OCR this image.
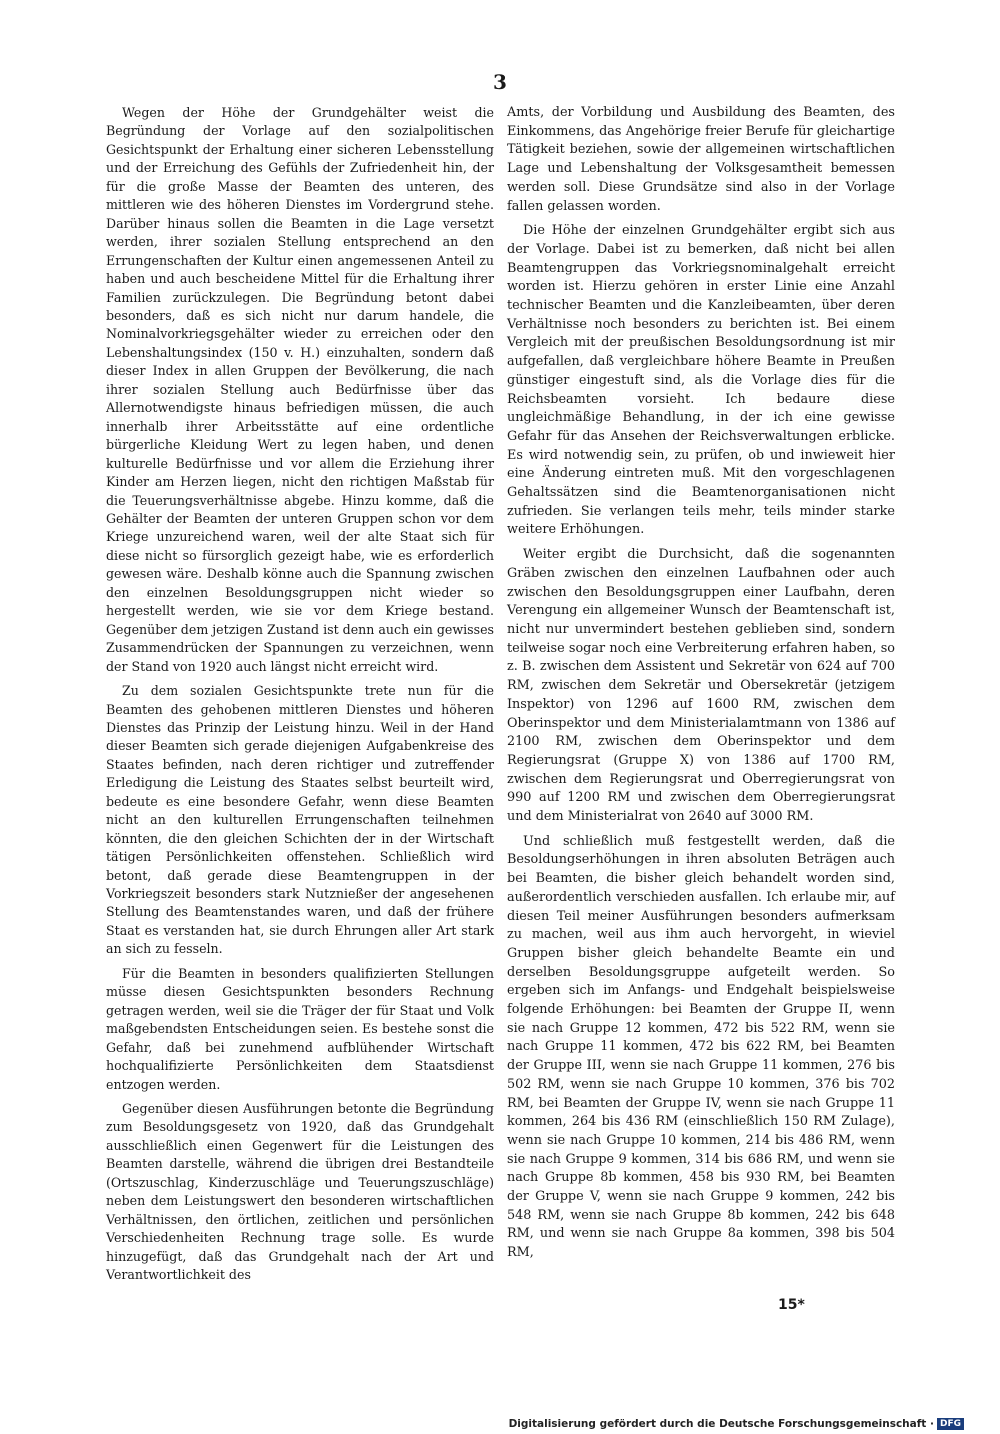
3

Wegen der Höhe der Grundgehälter weist die Begründung der Vorlage auf den sozialpolitischen Gesichtspunkt der Erhaltung einer sicheren Lebensstellung und der Erreichung des Gefühls der Zufriedenheit hin, der für die große Masse der Beamten des unteren, des mittleren wie des höheren Dienstes im Vordergrund stehe. Darüber hinaus sollen die Beamten in die Lage versetzt werden, ihrer sozialen Stellung entsprechend an den Errungenschaften der Kultur einen angemessenen Anteil zu haben und auch bescheidene Mittel für die Erhaltung ihrer Familien zurückzulegen. Die Begründung betont dabei besonders, daß es sich nicht nur darum handele, die Nominalvorkriegsgehälter wieder zu erreichen oder den Lebenshaltungsindex (150 v. H.) einzuhalten, sondern daß dieser Index in allen Gruppen der Bevölkerung, die nach ihrer sozialen Stellung auch Bedürfnisse über das Allernotwendigste hinaus befriedigen müssen, die auch innerhalb ihrer Arbeitsstätte auf eine ordentliche bürgerliche Kleidung Wert zu legen haben, und denen kulturelle Bedürfnisse und vor allem die Erziehung ihrer Kinder am Herzen liegen, nicht den richtigen Maßstab für die Teuerungsverhältnisse abgebe. Hinzu komme, daß die Gehälter der Beamten der unteren Gruppen schon vor dem Kriege unzureichend waren, weil der alte Staat sich für diese nicht so fürsorglich gezeigt habe, wie es erforderlich gewesen wäre. Deshalb könne auch die Spannung zwischen den einzelnen Besoldungsgruppen nicht wieder so hergestellt werden, wie sie vor dem Kriege bestand. Gegenüber dem jetzigen Zustand ist denn auch ein gewisses Zusammendrücken der Spannungen zu verzeichnen, wenn der Stand von 1920 auch längst nicht erreicht wird.

Zu dem sozialen Gesichtspunkte trete nun für die Beamten des gehobenen mittleren Dienstes und höheren Dienstes das Prinzip der Leistung hinzu. Weil in der Hand dieser Beamten sich gerade diejenigen Aufgabenkreise des Staates befinden, nach deren richtiger und zutreffender Erledigung die Leistung des Staates selbst beurteilt wird, bedeute es eine besondere Gefahr, wenn diese Beamten nicht an den kulturellen Errungenschaften teilnehmen könnten, die den gleichen Schichten der in der Wirtschaft tätigen Persönlichkeiten offenstehen. Schließlich wird betont, daß gerade diese Beamtengruppen in der Vorkriegszeit besonders stark Nutznießer der angesehenen Stellung des Beamtenstandes waren, und daß der frühere Staat es verstanden hat, sie durch Ehrungen aller Art stark an sich zu fesseln.

Für die Beamten in besonders qualifizierten Stellungen müsse diesen Gesichtspunkten besonders Rechnung getragen werden, weil sie die Träger der für Staat und Volk maßgebendsten Entscheidungen seien. Es bestehe sonst die Gefahr, daß bei zunehmend aufblühender Wirtschaft hochqualifizierte Persönlichkeiten dem Staatsdienst entzogen werden.

Gegenüber diesen Ausführungen betonte die Begründung zum Besoldungsgesetz von 1920, daß das Grundgehalt ausschließlich einen Gegenwert für die Leistungen des Beamten darstelle, während die übrigen drei Bestandteile (Ortszuschlag, Kinderzuschläge und Teuerungszuschläge) neben dem Leistungswert den besonderen wirtschaftlichen Verhältnissen, den örtlichen, zeitlichen und persönlichen Verschiedenheiten Rechnung trage solle. Es wurde hinzugefügt, daß das Grundgehalt nach der Art und Verantwortlichkeit des

Amts, der Vorbildung und Ausbildung des Beamten, des Einkommens, das Angehörige freier Berufe für gleichartige Tätigkeit beziehen, sowie der allgemeinen wirtschaftlichen Lage und Lebenshaltung der Volksgesamtheit bemessen werden soll. Diese Grundsätze sind also in der Vorlage fallen gelassen worden.

Die Höhe der einzelnen Grundgehälter ergibt sich aus der Vorlage. Dabei ist zu bemerken, daß nicht bei allen Beamtengruppen das Vorkriegsnominalgehalt erreicht worden ist. Hierzu gehören in erster Linie eine Anzahl technischer Beamten und die Kanzleibeamten, über deren Verhältnisse noch besonders zu berichten ist. Bei einem Vergleich mit der preußischen Besoldungsordnung ist mir aufgefallen, daß vergleichbare höhere Beamte in Preußen günstiger eingestuft sind, als die Vorlage dies für die Reichsbeamten vorsieht. Ich bedaure diese ungleichmäßige Behandlung, in der ich eine gewisse Gefahr für das Ansehen der Reichsverwaltungen erblicke. Es wird notwendig sein, zu prüfen, ob und inwieweit hier eine Änderung eintreten muß. Mit den vorgeschlagenen Gehaltssätzen sind die Beamtenorganisationen nicht zufrieden. Sie verlangen teils mehr, teils minder starke weitere Erhöhungen.

Weiter ergibt die Durchsicht, daß die sogenannten Gräben zwischen den einzelnen Laufbahnen oder auch zwischen den Besoldungsgruppen einer Laufbahn, deren Verengung ein allgemeiner Wunsch der Beamtenschaft ist, nicht nur unvermindert bestehen geblieben sind, sondern teilweise sogar noch eine Verbreiterung erfahren haben, so z. B. zwischen dem Assistent und Sekretär von 624 auf 700 RM, zwischen dem Sekretär und Obersekretär (jetzigem Inspektor) von 1296 auf 1600 RM, zwischen dem Oberinspektor und dem Ministerialamtmann von 1386 auf 2100 RM, zwischen dem Oberinspektor und dem Regierungsrat (Gruppe X) von 1386 auf 1700 RM, zwischen dem Regierungsrat und Oberregierungsrat von 990 auf 1200 RM und zwischen dem Oberregierungsrat und dem Ministerialrat von 2640 auf 3000 RM.

Und schließlich muß festgestellt werden, daß die Besoldungserhöhungen in ihren absoluten Beträgen auch bei Beamten, die bisher gleich behandelt worden sind, außerordentlich verschieden ausfallen. Ich erlaube mir, auf diesen Teil meiner Ausführungen besonders aufmerksam zu machen, weil aus ihm auch hervorgeht, in wieviel Gruppen bisher gleich behandelte Beamte ein und derselben Besoldungsgruppe aufgeteilt werden. So ergeben sich im Anfangs- und Endgehalt beispielsweise folgende Erhöhungen: bei Beamten der Gruppe II, wenn sie nach Gruppe 12 kommen, 472 bis 522 RM, wenn sie nach Gruppe 11 kommen, 472 bis 622 RM, bei Beamten der Gruppe III, wenn sie nach Gruppe 11 kommen, 276 bis 502 RM, wenn sie nach Gruppe 10 kommen, 376 bis 702 RM, bei Beamten der Gruppe IV, wenn sie nach Gruppe 11 kommen, 264 bis 436 RM (einschließlich 150 RM Zulage), wenn sie nach Gruppe 10 kommen, 214 bis 486 RM, wenn sie nach Gruppe 9 kommen, 314 bis 686 RM, und wenn sie nach Gruppe 8b kommen, 458 bis 930 RM, bei Beamten der Gruppe V, wenn sie nach Gruppe 9 kommen, 242 bis 548 RM, wenn sie nach Gruppe 8b kommen, 242 bis 648 RM, und wenn sie nach Gruppe 8a kommen, 398 bis 504 RM,

15*
Digitalisierung gefördert durch die Deutsche Forschungsgemeinschaft · DFG
